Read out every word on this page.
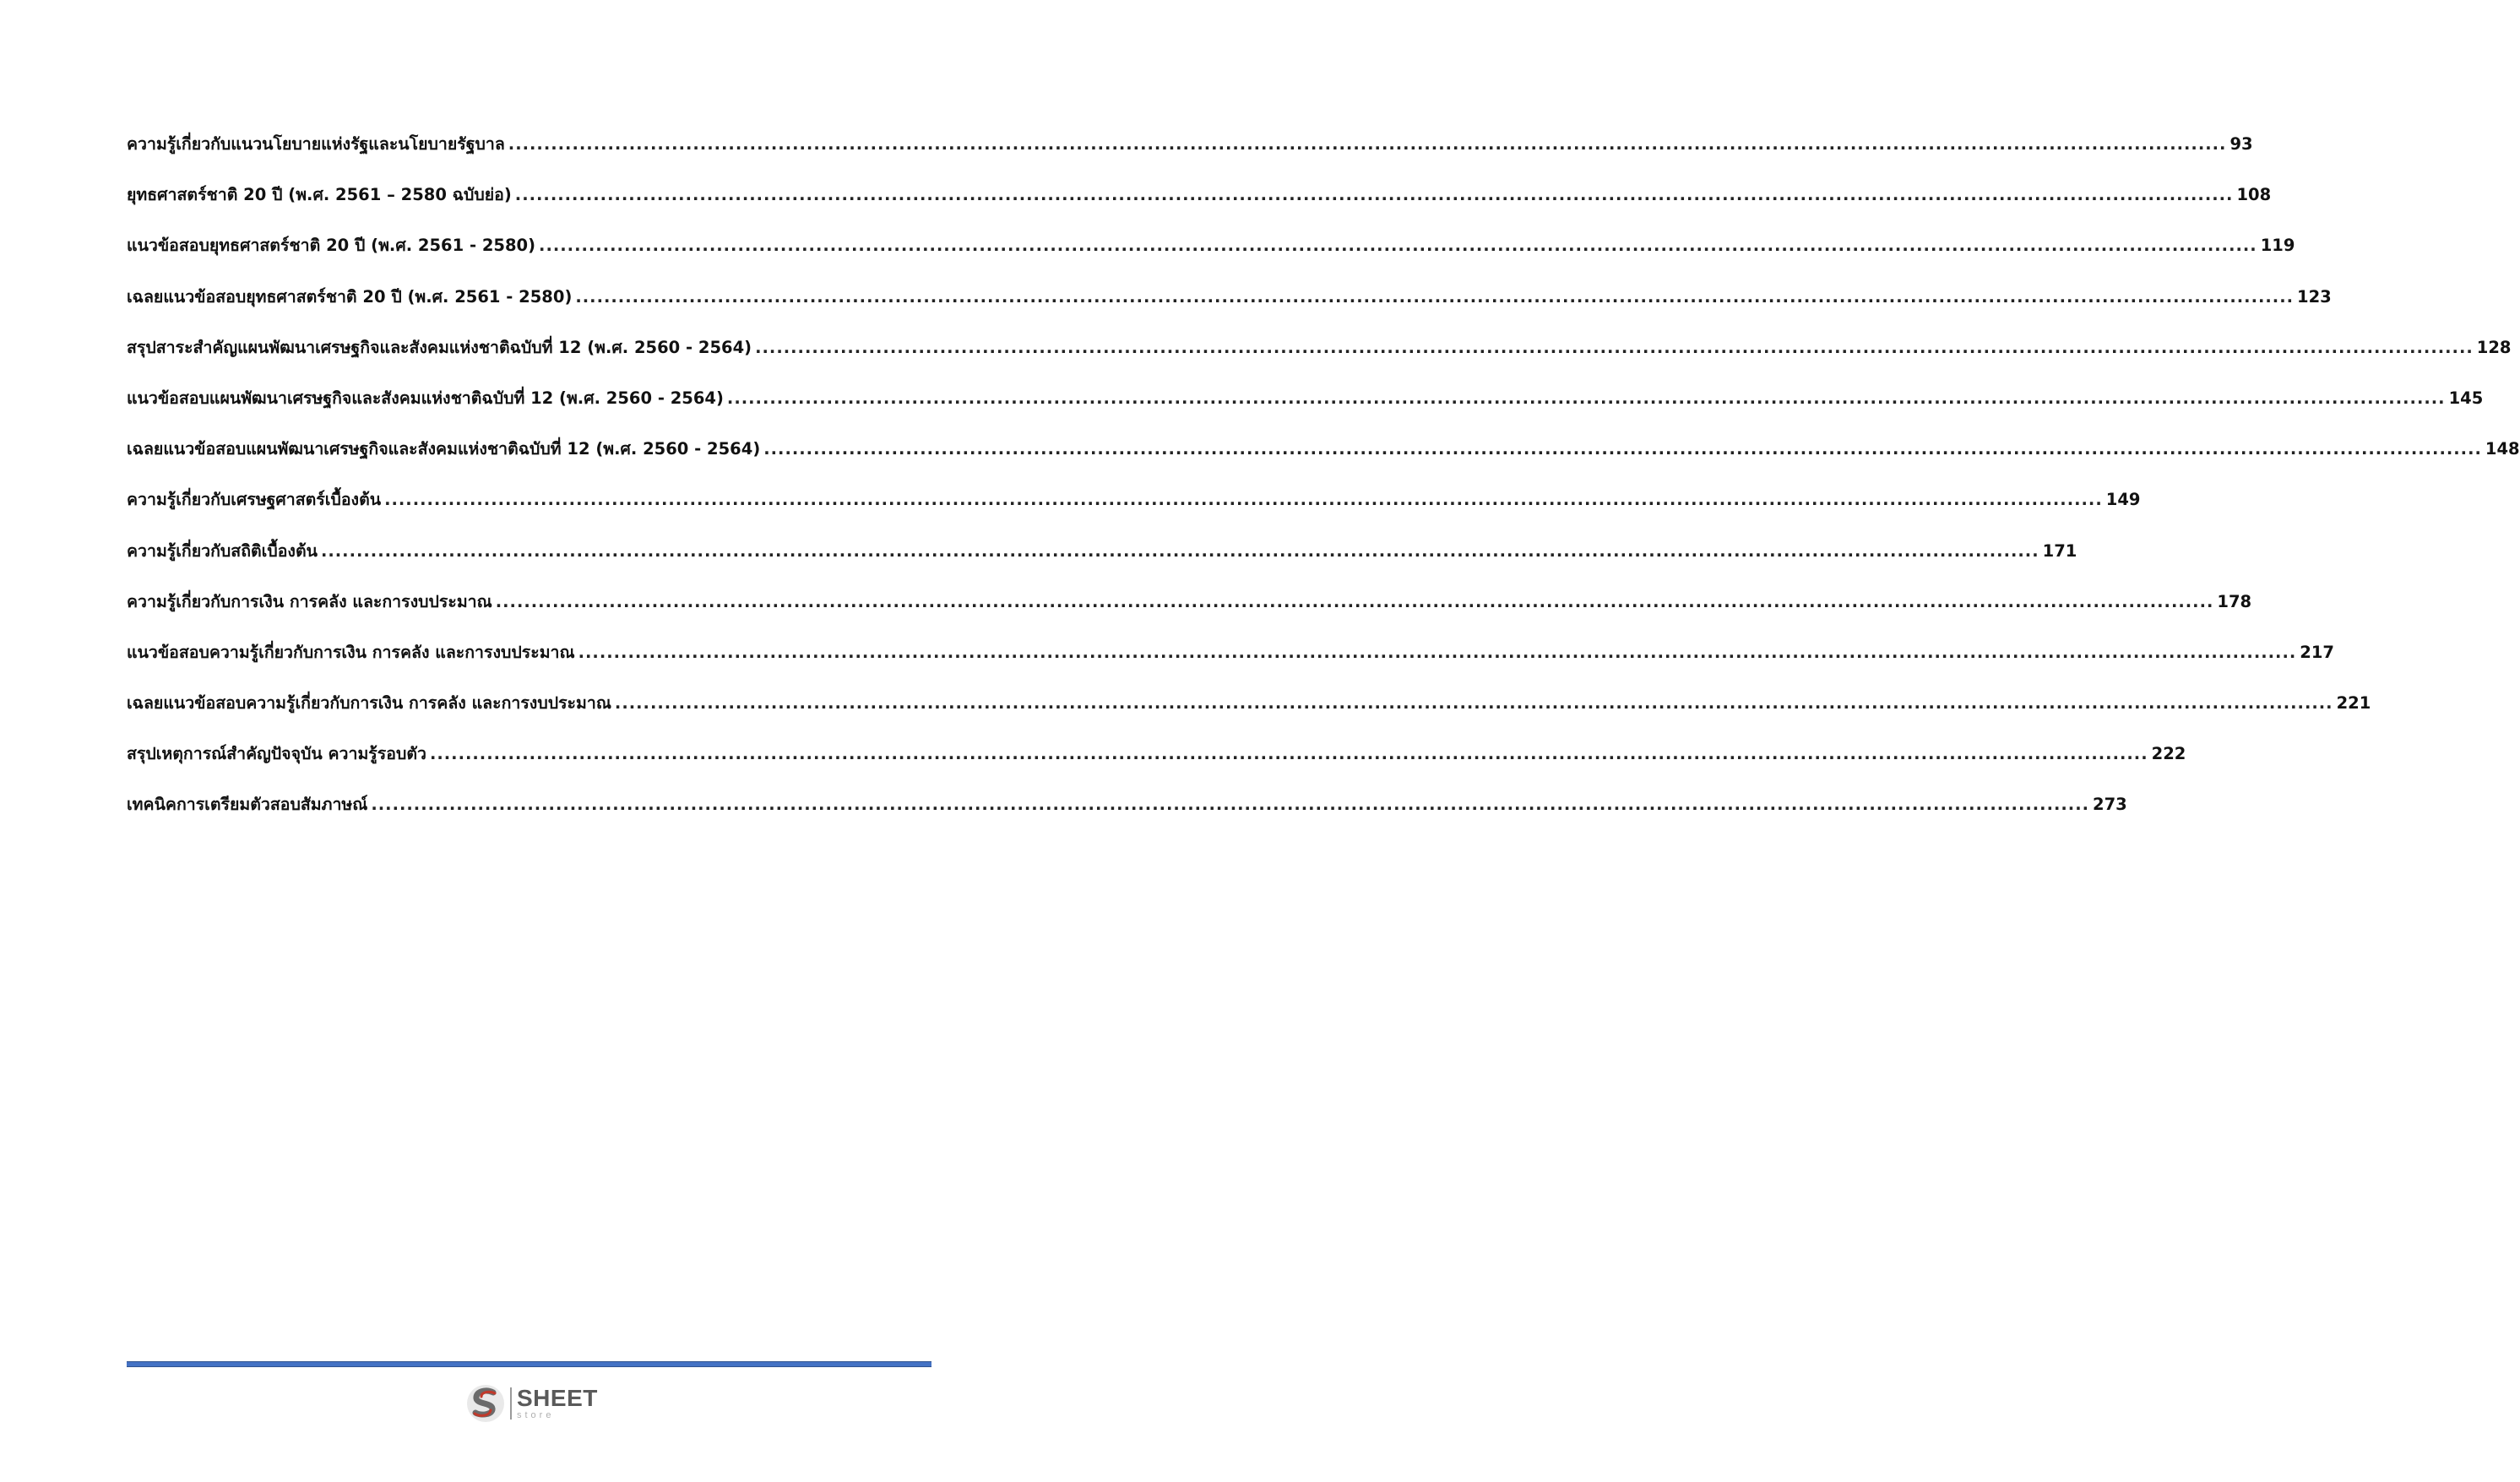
ความรู้เกี่ยวกับแนวนโยบายแห่งรัฐและนโยบายรัฐบาล .....	93
ยุทธศาสตร์ชาติ 20 ปี (พ.ศ. 2561 – 2580 ฉบับย่อ) .....	108
แนวข้อสอบยุทธศาสตร์ชาติ 20 ปี (พ.ศ. 2561 - 2580) .....	119
เฉลยแนวข้อสอบยุทธศาสตร์ชาติ 20 ปี (พ.ศ. 2561 - 2580) .....	123
สรุปสาระสำคัญแผนพัฒนาเศรษฐกิจและสังคมแห่งชาติฉบับที่ 12 (พ.ศ. 2560 - 2564) .....	128
แนวข้อสอบแผนพัฒนาเศรษฐกิจและสังคมแห่งชาติฉบับที่ 12 (พ.ศ. 2560 - 2564) .....	145
เฉลยแนวข้อสอบแผนพัฒนาเศรษฐกิจและสังคมแห่งชาติฉบับที่ 12 (พ.ศ. 2560 - 2564) .....	148
ความรู้เกี่ยวกับเศรษฐศาสตร์เบื้องต้น .....	149
ความรู้เกี่ยวกับสถิติเบื้องต้น .....	171
ความรู้เกี่ยวกับการเงิน การคลัง และการงบประมาณ .....	178
แนวข้อสอบความรู้เกี่ยวกับการเงิน การคลัง และการงบประมาณ .....	217
เฉลยแนวข้อสอบความรู้เกี่ยวกับการเงิน การคลัง และการงบประมาณ .....	221
สรุปเหตุการณ์สำคัญปัจจุบัน ความรู้รอบตัว .....	222
เทคนิคการเตรียมตัวสอบสัมภาษณ์ .....	273
SHEET
store
